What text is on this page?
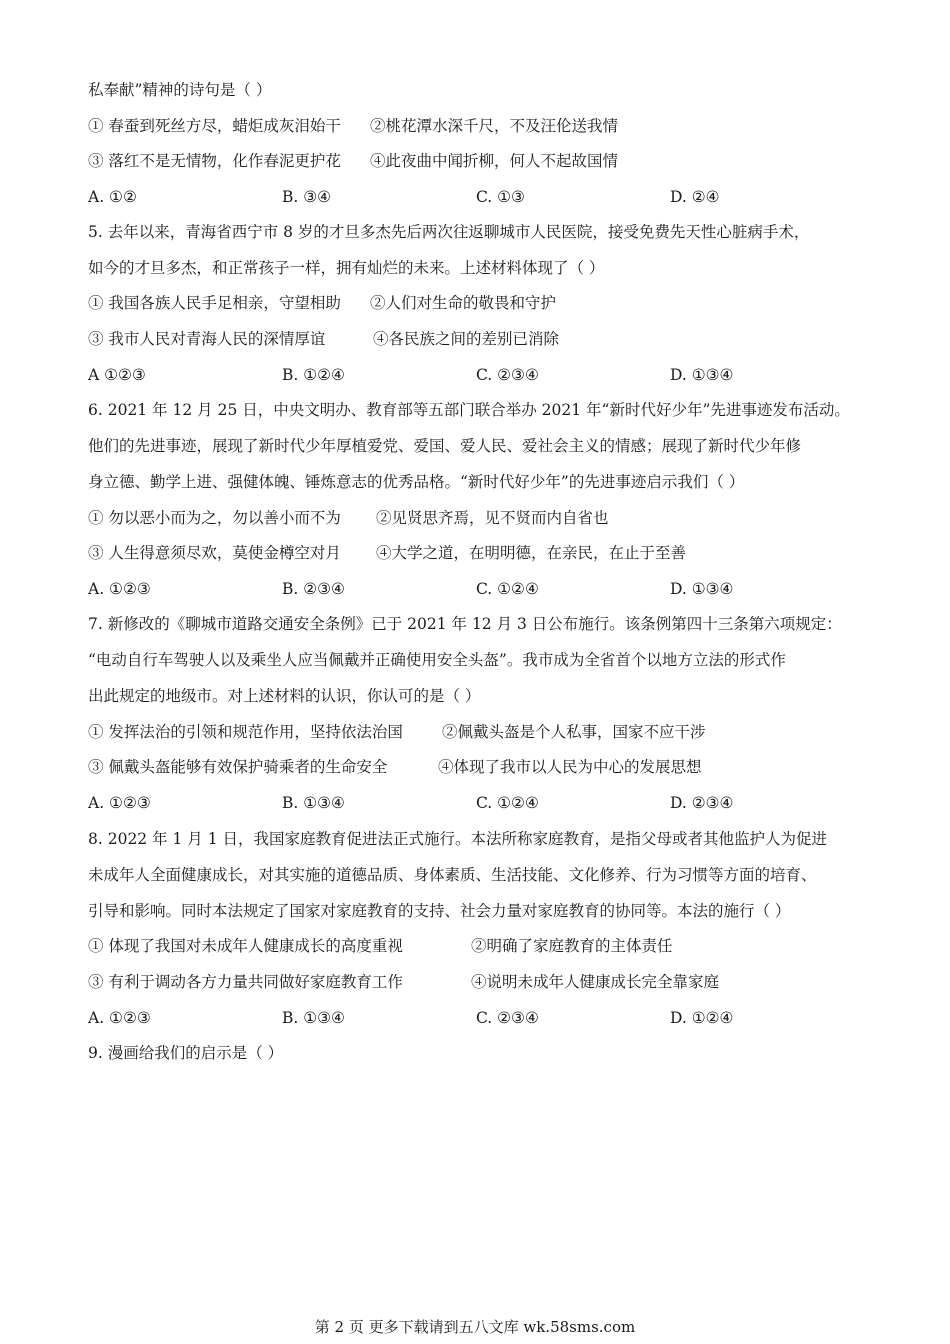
私奉献”精神的诗句是（ ）
① 春蚕到死丝方尽，蜡炬成灰泪始干 ②桃花潭水深千尺，不及汪伦送我情
③ 落红不是无情物，化作春泥更护花 ④此夜曲中闻折柳，何人不起故国情
A. ①②	B. ③④	C. ①③	D. ②④
5. 去年以来，青海省西宁市 8 岁的才旦多杰先后两次往返聊城市人民医院，接受免费先天性心脏病手术，
如今的才旦多杰，和正常孩子一样，拥有灿烂的未来。上述材料体现了（ ）
① 我国各族人民手足相亲，守望相助 ②人们对生命的敬畏和守护
③ 我市人民对青海人民的深情厚谊	④各民族之间的差别已消除
A ①②③	B. ①②④	C. ②③④	D. ①③④
6. 2021 年 12 月 25 日，中央文明办、教育部等五部门联合举办 2021 年“新时代好少年”先进事迹发布活动。
他们的先进事迹，展现了新时代少年厚植爱党、爱国、爱人民、爱社会主义的情感；展现了新时代少年修
身立德、勤学上进、强健体魄、锤炼意志的优秀品格。“新时代好少年”的先进事迹启示我们（ ）
① 勿以恶小而为之，勿以善小而不为 ②见贤思齐焉，见不贤而内自省也
③ 人生得意须尽欢，莫使金樽空对月 ④大学之道，在明明德，在亲民，在止于至善
A. ①②③	B. ②③④	C. ①②④	D. ①③④
7. 新修改的《聊城市道路交通安全条例》已于 2021 年 12 月 3 日公布施行。该条例第四十三条第六项规定：
“电动自行车驾驶人以及乘坐人应当佩戴并正确使用安全头盔”。我市成为全省首个以地方立法的形式作
出此规定的地级市。对上述材料的认识，你认可的是（ ）
① 发挥法治的引领和规范作用，坚持依法治国	②佩戴头盔是个人私事，国家不应干涉
③ 佩戴头盔能够有效保护骑乘者的生命安全	④体现了我市以人民为中心的发展思想
A. ①②③	B. ①③④	C. ①②④	D. ②③④
8. 2022 年 1 月 1 日，我国家庭教育促进法正式施行。本法所称家庭教育，是指父母或者其他监护人为促进
未成年人全面健康成长，对其实施的道德品质、身体素质、生活技能、文化修养、行为习惯等方面的培育、
引导和影响。同时本法规定了国家对家庭教育的支持、社会力量对家庭教育的协同等。本法的施行（ ）
① 体现了我国对未成年人健康成长的高度重视	②明确了家庭教育的主体责任
③ 有利于调动各方力量共同做好家庭教育工作	④说明未成年人健康成长完全靠家庭
A. ①②③	B. ①③④	C. ②③④	D. ①②④
9. 漫画给我们的启示是（ ）
第 2 页 更多下载请到五八文库 wk.58sms.com
